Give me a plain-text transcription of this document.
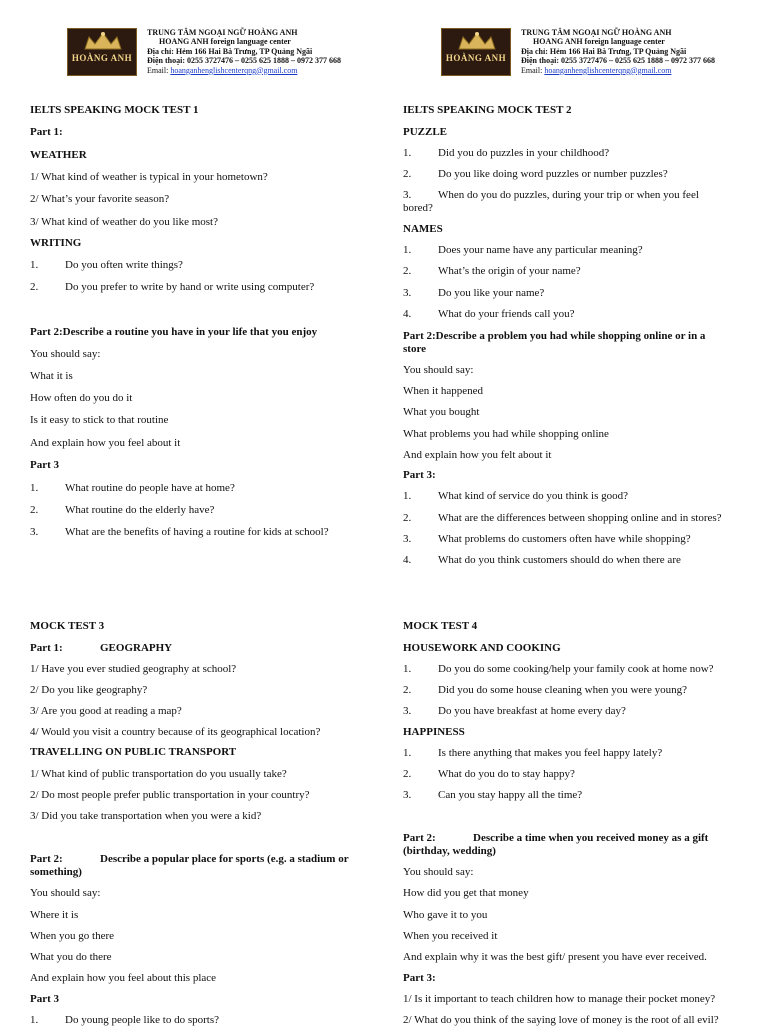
HOÀNG ANH
TRUNG TÂM NGOẠI NGỮ HOÀNG ANH
HOANG ANH foreign language center
Địa chỉ: Hẻm 166 Hai Bà Trưng, TP Quảng Ngãi
Điện thoại: 0255 3727476 – 0255 625 1888 – 0972 377 668
Email: hoanganhenglishcenterqng@gmail.com
HOÀNG ANH
TRUNG TÂM NGOẠI NGỮ HOÀNG ANH
HOANG ANH foreign language center
Địa chỉ: Hẻm 166 Hai Bà Trưng, TP Quảng Ngãi
Điện thoại: 0255 3727476 – 0255 625 1888 – 0972 377 668
Email: hoanganhenglishcenterqng@gmail.com
IELTS SPEAKING MOCK TEST 1
Part 1:
WEATHER
1/ What kind of weather is typical in your hometown?
2/ What’s your favorite season?
3/ What kind of weather do you like most?
WRITING
1. Do you often write things?
2. Do you prefer to write by hand or write using computer?
Part 2:Describe a routine you have in your life that you enjoy
You should say:
What it is
How often do you do it
Is it easy to stick to that routine
And explain how you feel about it
Part 3
1. What routine do people have at home?
2. What routine do the elderly have?
3. What are the benefits of having a routine for kids at school?
IELTS SPEAKING MOCK TEST 2
PUZZLE
1. Did you do puzzles in your childhood?
2. Do you like doing word puzzles or number puzzles?
3. When do you do puzzles, during your trip or when you feel
bored?
NAMES
1. Does your name have any particular meaning?
2. What’s the origin of your name?
3. Do you like your name?
4. What do your friends call you?
Part 2:Describe a problem you had while shopping online or in a
store
You should say:
When it happened
What you bought
What problems you had while shopping online
And explain how you felt about it
Part 3:
1. What kind of service do you think is good?
2. What are the differences between shopping online and in stores?
3. What problems do customers often have while shopping?
4. What do you think customers should do when there are
MOCK TEST 3
Part 1:	GEOGRAPHY
1/ Have you ever studied geography at school?
2/ Do you like geography?
3/ Are you good at reading a map?
4/ Would you visit a country because of its geographical location?
TRAVELLING ON PUBLIC TRANSPORT
1/ What kind of public transportation do you usually take?
2/ Do most people prefer public transportation in your country?
3/ Did you take transportation when you were a kid?
Part 2:	Describe a popular place for sports (e.g. a stadium or
something)
You should say:
Where it is
When you go there
What you do there
And explain how you feel about this place
Part 3
1. Do young people like to do sports?
MOCK TEST 4
HOUSEWORK AND COOKING
1. Do you do some cooking/help your family cook at home now?
2. Did you do some house cleaning when you were young?
3. Do you have breakfast at home every day?
HAPPINESS
1. Is there anything that makes you feel happy lately?
2. What do you do to stay happy?
3. Can you stay happy all the time?
Part 2:	Describe a time when you received money as a gift
(birthday, wedding)
You should say:
How did you get that money
Who gave it to you
When you received it
And explain why it was the best gift/ present you have ever received.
Part 3:
1/ Is it important to teach children how to manage their pocket money?
2/ What do you think of the saying love of money is the root of all evil?
